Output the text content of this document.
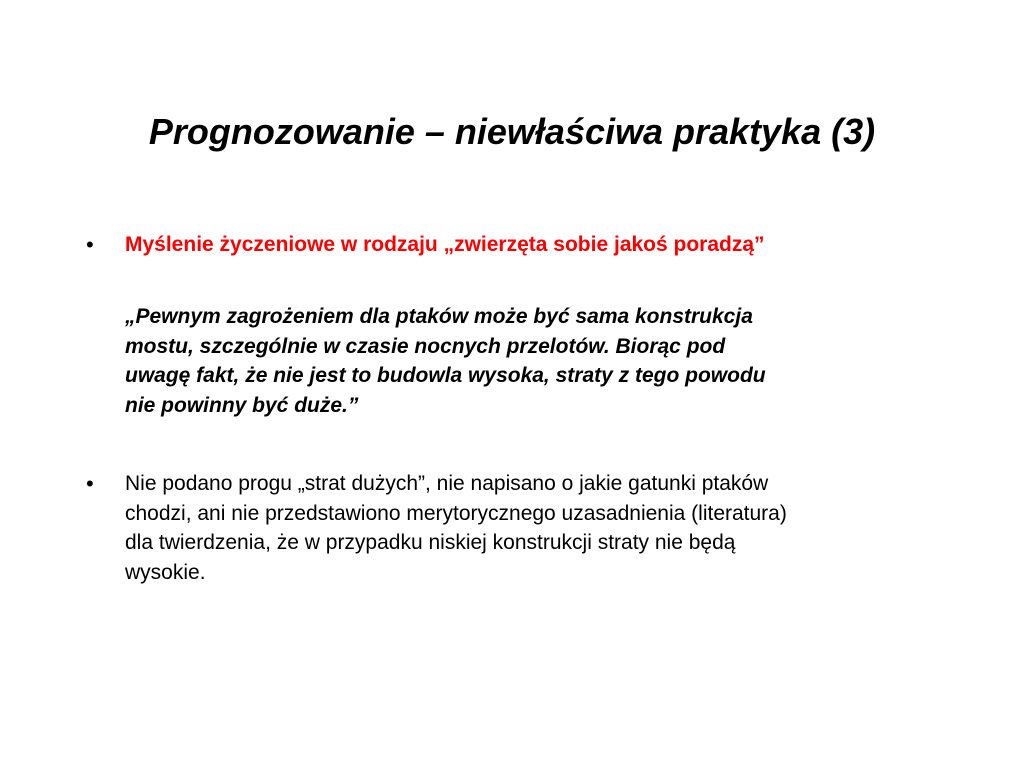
Prognozowanie – niewłaściwa praktyka (3)
• Myślenie życzeniowe w rodzaju „zwierzęta sobie jakoś poradzą”

„Pewnym zagrożeniem dla ptaków może być sama konstrukcja
mostu, szczególnie w czasie nocnych przelotów. Biorąc pod
uwagę fakt, że nie jest to budowla wysoka, straty z tego powodu
nie powinny być duże.”

• Nie podano progu „strat dużych”, nie napisano o jakie gatunki ptaków
chodzi, ani nie przedstawiono merytorycznego uzasadnienia (literatura)
dla twierdzenia, że w przypadku niskiej konstrukcji straty nie będą
wysokie.
